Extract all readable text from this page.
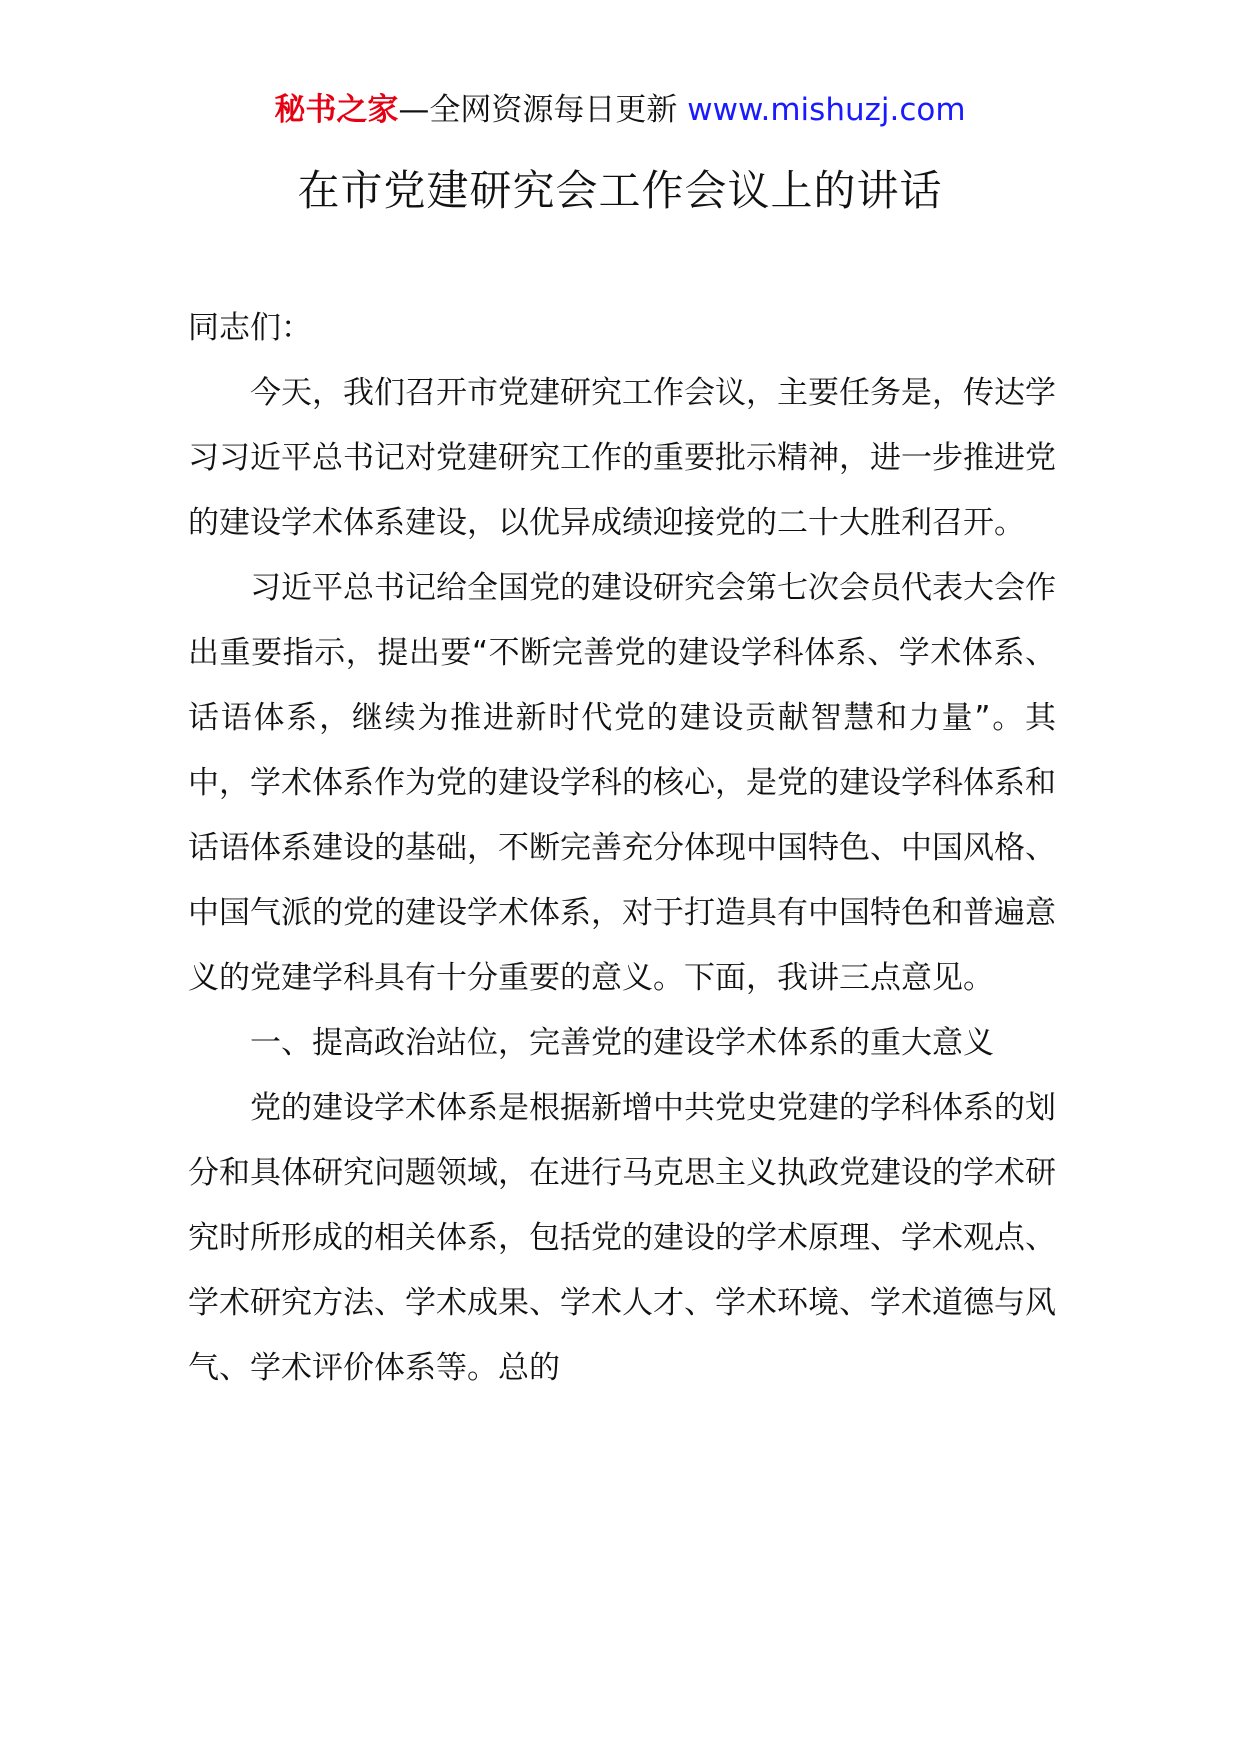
秘书之家—全网资源每日更新 www.mishuzj.com
在市党建研究会工作会议上的讲话

同志们：

今天，我们召开市党建研究工作会议，主要任务是，传达学习习近平总书记对党建研究工作的重要批示精神，进一步推进党的建设学术体系建设，以优异成绩迎接党的二十大胜利召开。

习近平总书记给全国党的建设研究会第七次会员代表大会作出重要指示，提出要“不断完善党的建设学科体系、学术体系、话语体系，继续为推进新时代党的建设贡献智慧和力量”。其中，学术体系作为党的建设学科的核心，是党的建设学科体系和话语体系建设的基础，不断完善充分体现中国特色、中国风格、中国气派的党的建设学术体系，对于打造具有中国特色和普遍意义的党建学科具有十分重要的意义。下面，我讲三点意见。

一、提高政治站位，完善党的建设学术体系的重大意义

党的建设学术体系是根据新增中共党史党建的学科体系的划分和具体研究问题领域，在进行马克思主义执政党建设的学术研究时所形成的相关体系，包括党的建设的学术原理、学术观点、学术研究方法、学术成果、学术人才、学术环境、学术道德与风气、学术评价体系等。总的
